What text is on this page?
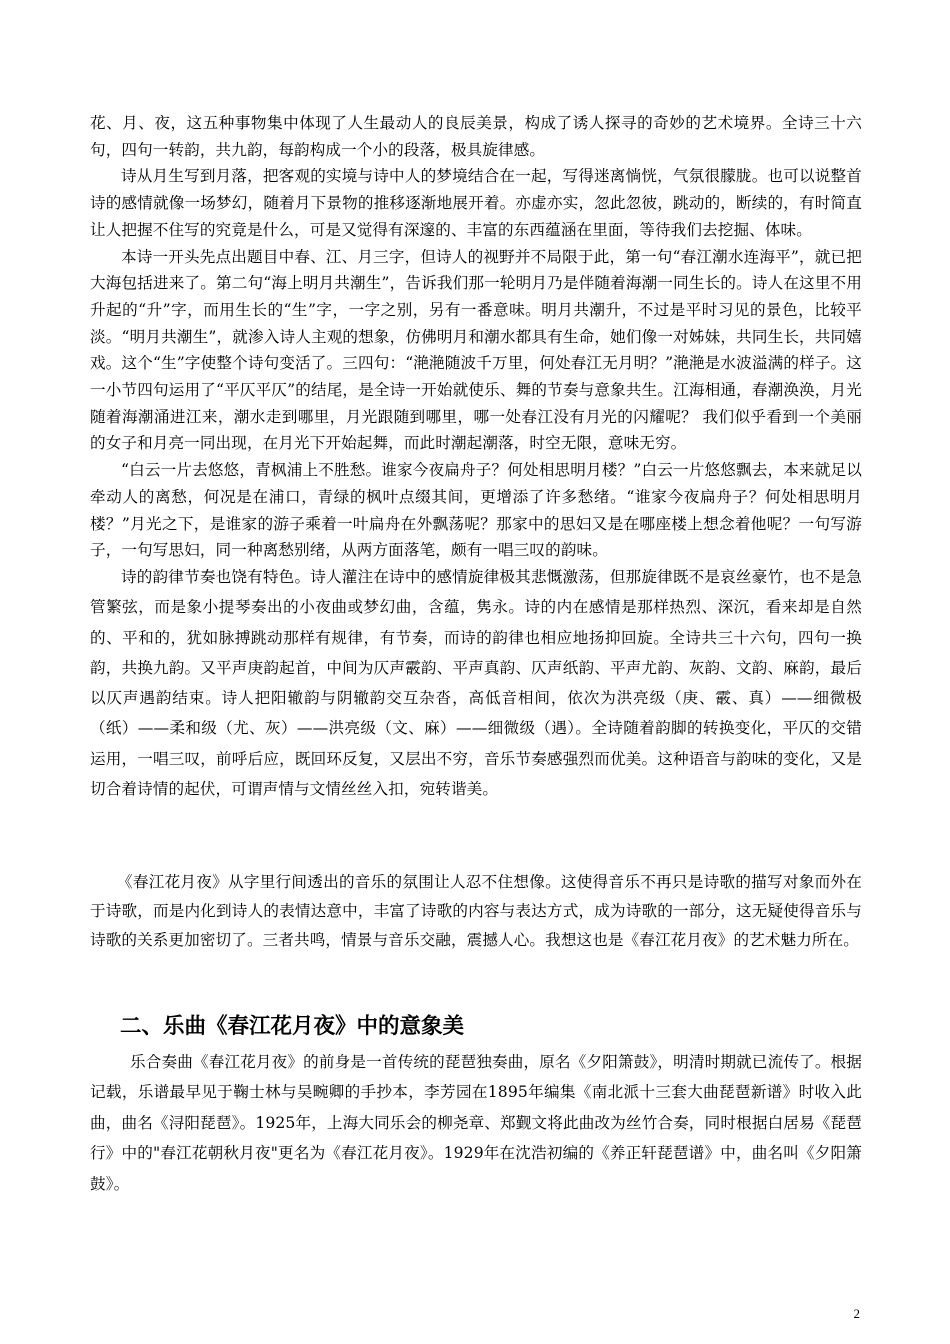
花、月、夜，这五种事物集中体现了人生最动人的良辰美景，构成了诱人探寻的奇妙的艺术境界。全诗三十六句，四句一转韵，共九韵，每韵构成一个小的段落，极具旋律感。

诗从月生写到月落，把客观的实境与诗中人的梦境结合在一起，写得迷离惝恍，气氛很朦胧。也可以说整首诗的感情就像一场梦幻，随着月下景物的推移逐渐地展开着。亦虚亦实，忽此忽彼，跳动的，断续的，有时简直让人把握不住写的究竟是什么，可是又觉得有深邃的、丰富的东西蕴涵在里面，等待我们去挖掘、体味。

本诗一开头先点出题目中春、江、月三字，但诗人的视野并不局限于此，第一句“春江潮水连海平”，就已把大海包括进来了。第二句“海上明月共潮生”，告诉我们那一轮明月乃是伴随着海潮一同生长的。诗人在这里不用升起的“升”字，而用生长的“生”字，一字之别，另有一番意味。明月共潮升，不过是平时习见的景色，比较平淡。“明月共潮生”，就渗入诗人主观的想象，仿佛明月和潮水都具有生命，她们像一对姊妹，共同生长，共同嬉戏。这个“生”字使整个诗句变活了。三四句：“滟滟随波千万里，何处春江无月明？”滟滟是水波溢满的样子。这一小节四句运用了“平仄平仄”的结尾，是全诗一开始就使乐、舞的节奏与意象共生。江海相通，春潮涣涣，月光随着海潮涌进江来，潮水走到哪里，月光跟随到哪里，哪一处春江没有月光的闪耀呢？ 我们似乎看到一个美丽的女子和月亮一同出现，在月光下开始起舞，而此时潮起潮落，时空无限，意味无穷。

“白云一片去悠悠，青枫浦上不胜愁。谁家今夜扁舟子？何处相思明月楼？”白云一片悠悠飘去，本来就足以牵动人的离愁，何况是在浦口，青绿的枫叶点缀其间，更增添了许多愁绪。“谁家今夜扁舟子？何处相思明月楼？”月光之下，是谁家的游子乘着一叶扁舟在外飘荡呢？那家中的思妇又是在哪座楼上想念着他呢？一句写游子，一句写思妇，同一种离愁别绪，从两方面落笔，颇有一唱三叹的韵味。

诗的韵律节奏也饶有特色。诗人灌注在诗中的感情旋律极其悲慨激荡，但那旋律既不是哀丝豪竹，也不是急管繁弦，而是象小提琴奏出的小夜曲或梦幻曲，含蕴，隽永。诗的内在感情是那样热烈、深沉，看来却是自然的、平和的，犹如脉搏跳动那样有规律，有节奏，而诗的韵律也相应地扬抑回旋。全诗共三十六句，四句一换韵，共换九韵。又平声庚韵起首，中间为仄声霰韵、平声真韵、仄声纸韵、平声尤韵、灰韵、文韵、麻韵，最后以仄声遇韵结束。诗人把阳辙韵与阴辙韵交互杂沓，高低音相间，依次为洪亮级（庚、霰、真）——细微极（纸）——柔和级（尤、灰）——洪亮级（文、麻）——细微级（遇）。全诗随着韵脚的转换变化，平仄的交错运用，一唱三叹，前呼后应，既回环反复，又层出不穷，音乐节奏感强烈而优美。这种语音与韵味的变化，又是切合着诗情的起伏，可谓声情与文情丝丝入扣，宛转谐美。

《春江花月夜》从字里行间透出的音乐的氛围让人忍不住想像。这使得音乐不再只是诗歌的描写对象而外在于诗歌，而是内化到诗人的表情达意中，丰富了诗歌的内容与表达方式，成为诗歌的一部分，这无疑使得音乐与诗歌的关系更加密切了。三者共鸣，情景与音乐交融，震撼人心。我想这也是《春江花月夜》的艺术魅力所在。

二、乐曲《春江花月夜》中的意象美

乐合奏曲《春江花月夜》的前身是一首传统的琵琶独奏曲，原名《夕阳箫鼓》，明清时期就已流传了。根据记载，乐谱最早见于鞠士林与吴畹卿的手抄本，李芳园在1895年编集《南北派十三套大曲琵琶新谱》时收入此曲，曲名《浔阳琵琶》。1925年，上海大同乐会的柳尧章、郑觐文将此曲改为丝竹合奏，同时根据白居易《琵琶行》中的"春江花朝秋月夜"更名为《春江花月夜》。1929年在沈浩初编的《养正轩琵琶谱》中，曲名叫《夕阳箫鼓》。

2
